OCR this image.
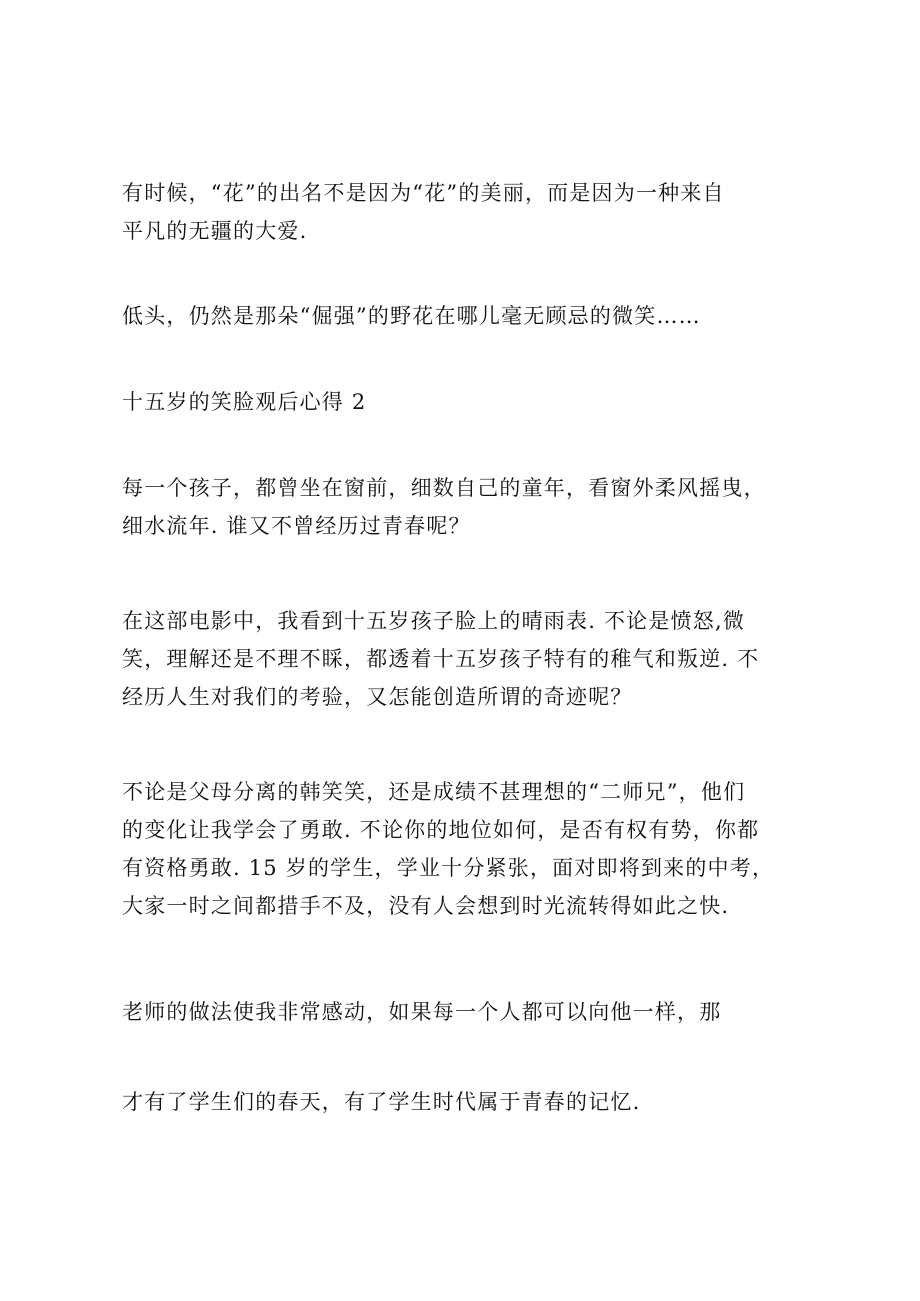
有时候，“花”的出名不是因为“花”的美丽，而是因为一种来自
平凡的无疆的大爱.
低头，仍然是那朵“倔强”的野花在哪儿毫无顾忌的微笑……
十五岁的笑脸观后心得 2
每一个孩子，都曾坐在窗前，细数自己的童年，看窗外柔风摇曳，
细水流年. 谁又不曾经历过青春呢？
在这部电影中，我看到十五岁孩子脸上的晴雨表. 不论是愤怒,微
笑，理解还是不理不睬，都透着十五岁孩子特有的稚气和叛逆. 不
经历人生对我们的考验，又怎能创造所谓的奇迹呢？
不论是父母分离的韩笑笑，还是成绩不甚理想的“二师兄”，他们
的变化让我学会了勇敢. 不论你的地位如何，是否有权有势，你都
有资格勇敢. 15 岁的学生，学业十分紧张，面对即将到来的中考，
大家一时之间都措手不及，没有人会想到时光流转得如此之快.
老师的做法使我非常感动，如果每一个人都可以向他一样，那
才有了学生们的春天，有了学生时代属于青春的记忆.
